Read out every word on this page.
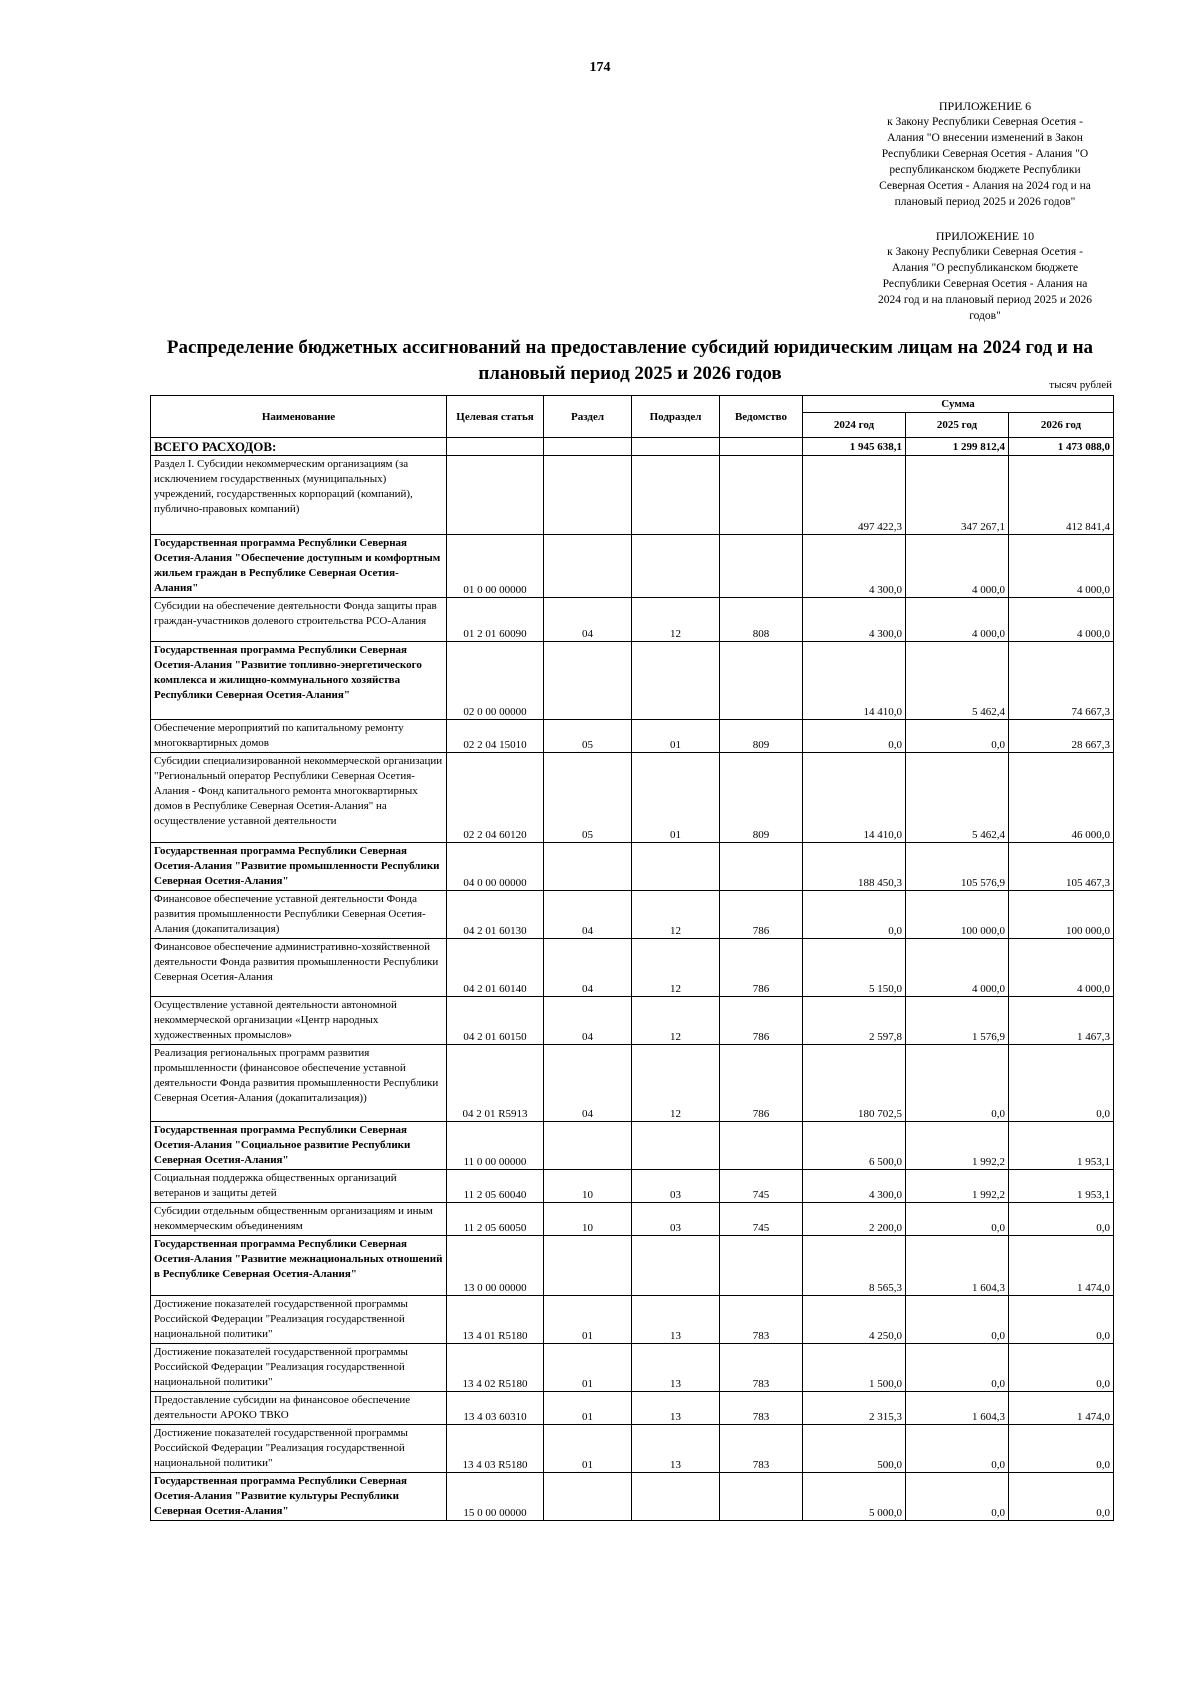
174
ПРИЛОЖЕНИЕ 6
к Закону Республики Северная Осетия -
Алания "О внесении изменений в Закон
Республики Северная Осетия - Алания "О
республиканском бюджете Республики
Северная Осетия - Алания на 2024 год и на
плановый период 2025 и 2026 годов"
ПРИЛОЖЕНИЕ 10
к Закону Республики Северная Осетия -
Алания "О республиканском бюджете
Республики Северная Осетия - Алания на
2024 год и на плановый период 2025 и 2026
годов"
Распределение бюджетных ассигнований на предоставление субсидий юридическим лицам на 2024 год и на
плановый период 2025 и 2026 годов
тысяч рублей
Наименование	Целевая статья	Раздел	Подраздел	Ведомство	Сумма		
					2024 год	2025 год	2026 год
ВСЕГО РАСХОДОВ:					1 945 638,1	1 299 812,4	1 473 088,0
Раздел I. Субсидии некоммерческим организациям (за исключением государственных (муниципальных) учреждений, государственных корпораций (компаний), публично-правовых компаний)					497 422,3	347 267,1	412 841,4
Государственная программа Республики Северная Осетия-Алания "Обеспечение доступным и комфортным жильем граждан в Республике Северная Осетия-Алания"	01 0 00 00000				4 300,0	4 000,0	4 000,0
Субсидии на обеспечение деятельности Фонда защиты прав граждан-участников долевого строительства РСО-Алания	01 2 01 60090	04	12	808	4 300,0	4 000,0	4 000,0
Государственная программа Республики Северная Осетия-Алания "Развитие топливно-энергетического комплекса и жилищно-коммунального хозяйства Республики Северная Осетия-Алания"	02 0 00 00000				14 410,0	5 462,4	74 667,3
Обеспечение мероприятий по капитальному ремонту многоквартирных домов	02 2 04 15010	05	01	809	0,0	0,0	28 667,3
Субсидии специализированной некоммерческой организации "Региональный оператор Республики Северная Осетия-Алания - Фонд капитального ремонта многоквартирных домов в Республике Северная Осетия-Алания" на осуществление уставной деятельности	02 2 04 60120	05	01	809	14 410,0	5 462,4	46 000,0
Государственная программа Республики Северная Осетия-Алания "Развитие промышленности Республики Северная Осетия-Алания"	04 0 00 00000				188 450,3	105 576,9	105 467,3
Финансовое обеспечение уставной деятельности Фонда развития промышленности Республики Северная Осетия-Алания (докапитализация)	04 2 01 60130	04	12	786	0,0	100 000,0	100 000,0
Финансовое обеспечение административно-хозяйственной деятельности Фонда развития промышленности Республики Северная Осетия-Алания	04 2 01 60140	04	12	786	5 150,0	4 000,0	4 000,0
Осуществление уставной деятельности автономной некоммерческой организации «Центр народных художественных промыслов»	04 2 01 60150	04	12	786	2 597,8	1 576,9	1 467,3
Реализация региональных программ развития промышленности (финансовое обеспечение уставной деятельности Фонда развития промышленности Республики Северная Осетия-Алания (докапитализация))	04 2 01 R5913	04	12	786	180 702,5	0,0	0,0
Государственная программа Республики Северная Осетия-Алания "Социальное развитие Республики Северная Осетия-Алания"	11 0 00 00000				6 500,0	1 992,2	1 953,1
Социальная поддержка общественных организаций ветеранов и защиты детей	11 2 05 60040	10	03	745	4 300,0	1 992,2	1 953,1
Субсидии отдельным общественным организациям и иным некоммерческим объединениям	11 2 05 60050	10	03	745	2 200,0	0,0	0,0
Государственная программа Республики Северная Осетия-Алания "Развитие межнациональных отношений в Республике Северная Осетия-Алания"	13 0 00 00000				8 565,3	1 604,3	1 474,0
Достижение показателей государственной программы Российской Федерации "Реализация государственной национальной политики"	13 4 01 R5180	01	13	783	4 250,0	0,0	0,0
Достижение показателей государственной программы Российской Федерации "Реализация государственной национальной политики"	13 4 02 R5180	01	13	783	1 500,0	0,0	0,0
Предоставление субсидии на финансовое обеспечение деятельности АРОКО ТВКО	13 4 03 60310	01	13	783	2 315,3	1 604,3	1 474,0
Достижение показателей государственной программы Российской Федерации "Реализация государственной национальной политики"	13 4 03 R5180	01	13	783	500,0	0,0	0,0
Государственная программа Республики Северная Осетия-Алания "Развитие культуры Республики Северная Осетия-Алания"	15 0 00 00000				5 000,0	0,0	0,0
